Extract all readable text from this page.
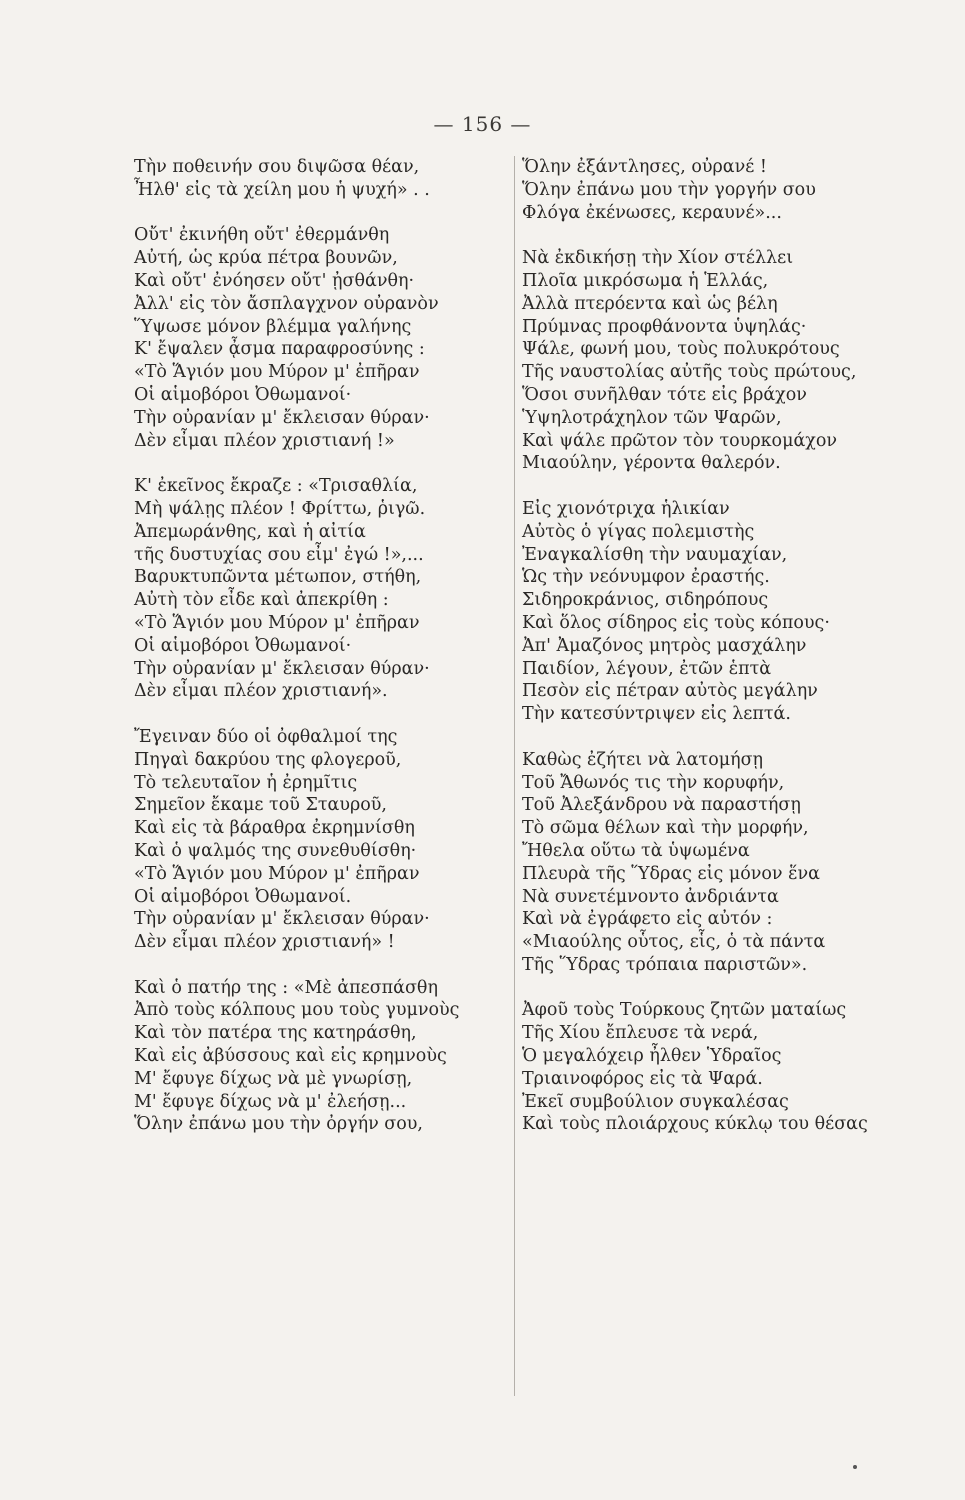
— 156 —
Τὴν ποθεινήν σου διψῶσα θέαν,
Ἦλθ' εἰς τὰ χείλη μου ἡ ψυχή» . .
Οὔτ' ἐκινήθη οὔτ' ἐθερμάνθη
Αὐτή, ὡς κρύα πέτρα βουνῶν,
Καὶ οὔτ' ἐνόησεν οὔτ' ᾐσθάνθη·
Ἀλλ' εἰς τὸν ἄσπλαγχνον οὐρανὸν
Ὕψωσε μόνον βλέμμα γαλήνης
Κ' ἔψαλεν ᾆσμα παραφροσύνης :
«Τὸ Ἅγιόν μου Μύρον μ' ἐπῆραν
Οἱ αἱμοβόροι Ὀθωμανοί·
Τὴν οὐρανίαν μ' ἔκλεισαν θύραν·
Δὲν εἶμαι πλέον χριστιανή !»
Κ' ἐκεῖνος ἔκραζε : «Τρισαθλία,
Μὴ ψάλῃς πλέον ! Φρίττω, ῥιγῶ.
Ἀπεμωράνθης, καὶ ἡ αἰτία
τῆς δυστυχίας σου εἶμ' ἐγώ !»,...
Βαρυκτυπῶντα μέτωπον, στήθη,
Αὐτὴ τὸν εἶδε καὶ ἀπεκρίθη :
«Τὸ Ἅγιόν μου Μύρον μ' ἐπῆραν
Οἱ αἱμοβόροι Ὀθωμανοί·
Τὴν οὐρανίαν μ' ἔκλεισαν θύραν·
Δὲν εἶμαι πλέον χριστιανή».
Ἔγειναν δύο οἱ ὀφθαλμοί της
Πηγαὶ δακρύου της φλογεροῦ,
Τὸ τελευταῖον ἡ ἐρημῖτις
Σημεῖον ἔκαμε τοῦ Σταυροῦ,
Καὶ εἰς τὰ βάραθρα ἐκρημνίσθη
Καὶ ὁ ψαλμός της συνεθυθίσθη·
«Τὸ Ἅγιόν μου Μύρον μ' ἐπῆραν
Οἱ αἱμοβόροι Ὀθωμανοί.
Τὴν οὐρανίαν μ' ἔκλεισαν θύραν·
Δὲν εἶμαι πλέον χριστιανή» !
Καὶ ὁ πατήρ της : «Μὲ ἀπεσπάσθη
Ἀπὸ τοὺς κόλπους μου τοὺς γυμνοὺς
Καὶ τὸν πατέρα της κατηράσθη,
Καὶ εἰς ἀβύσσους καὶ εἰς κρημνοὺς
Μ' ἔφυγε δίχως νὰ μὲ γνωρίσῃ,
Μ' ἔφυγε δίχως νὰ μ' ἐλεήσῃ...
Ὅλην ἐπάνω μου τὴν ὀργήν σου,
Ὅλην ἐξάντλησες, οὐρανέ !
Ὅλην ἐπάνω μου τὴν γοργήν σου
Φλόγα ἐκένωσες, κεραυνέ»...
Νὰ ἐκδικήσῃ τὴν Χίον στέλλει
Πλοῖα μικρόσωμα ἡ Ἑλλάς,
Ἀλλὰ πτερόεντα καὶ ὡς βέλη
Πρύμνας προφθάνοντα ὑψηλάς·
Ψάλε, φωνή μου, τοὺς πολυκρότους
Τῆς ναυστολίας αὐτῆς τοὺς πρώτους,
Ὅσοι συνῆλθαν τότε εἰς βράχον
Ὑψηλοτράχηλον τῶν Ψαρῶν,
Καὶ ψάλε πρῶτον τὸν τουρκομάχον
Μιαούλην, γέροντα θαλερόν.
Εἰς χιονότριχα ἡλικίαν
Αὐτὸς ὁ γίγας πολεμιστὴς
Ἐναγκαλίσθη τὴν ναυμαχίαν,
Ὡς τὴν νεόνυμφον ἐραστής.
Σιδηροκράνιος, σιδηρόπους
Καὶ ὅλος σίδηρος εἰς τοὺς κόπους·
Ἀπ' Ἀμαζόνος μητρὸς μασχάλην
Παιδίον, λέγουν, ἐτῶν ἑπτὰ
Πεσὸν εἰς πέτραν αὐτὸς μεγάλην
Τὴν κατεσύντριψεν εἰς λεπτά.
Καθὼς ἐζήτει νὰ λατομήσῃ
Τοῦ Ἄθωνός τις τὴν κορυφήν,
Τοῦ Ἀλεξάνδρου νὰ παραστήσῃ
Τὸ σῶμα θέλων καὶ τὴν μορφήν,
Ἤθελα οὕτω τὰ ὑψωμένα
Πλευρὰ τῆς Ὕδρας εἰς μόνον ἕνα
Νὰ συνετέμνοντο ἀνδριάντα
Καὶ νὰ ἐγράφετο εἰς αὐτόν :
«Μιαούλης οὗτος, εἷς, ὁ τὰ πάντα
Τῆς Ὕδρας τρόπαια παριστῶν».
Ἀφοῦ τοὺς Τούρκους ζητῶν ματαίως
Τῆς Χίου ἔπλευσε τὰ νερά,
Ὁ μεγαλόχειρ ἦλθεν Ὑδραῖος
Τριαινοφόρος εἰς τὰ Ψαρά.
Ἐκεῖ συμβούλιον συγκαλέσας
Καὶ τοὺς πλοιάρχους κύκλῳ του θέσας
